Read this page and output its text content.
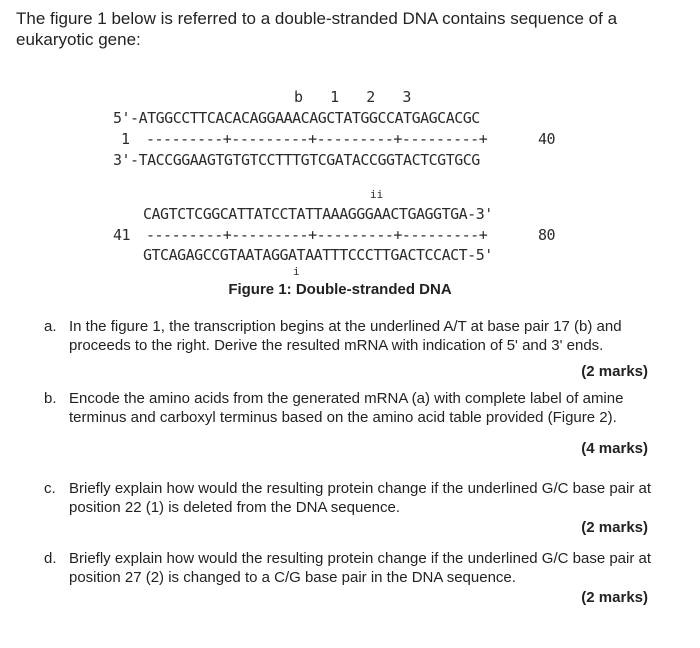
The figure 1 below is referred to a double-stranded DNA contains sequence of a eukaryotic gene:
b   1   2   3
5'-ATGGCCTTCACACAGGAAACAGCTATGGCCATGAGCACGC
1 ---------+---------+---------+---------+	40
3'-TACCGGAAGTGTGTCCTTTGTCGATACCGGTACTCGTGCG
ii
CAGTCTCGGCATTATCCTATTAAAGGGAACTGAGGTGA-3'
41 ---------+---------+---------+---------+	80
GTCAGAGCCGTAATAGGATAATTTCCCTTGACTCCACT-5'
i
Figure 1: Double-stranded DNA
a. In the figure 1, the transcription begins at the underlined A/T at base pair 17 (b) and proceeds to the right. Derive the resulted mRNA with indication of 5' and 3' ends.
(2 marks)
b. Encode the amino acids from the generated mRNA (a) with complete label of amine terminus and carboxyl terminus based on the amino acid table provided (Figure 2).
(4 marks)
c. Briefly explain how would the resulting protein change if the underlined G/C base pair at position 22 (1) is deleted from the DNA sequence.
(2 marks)
d. Briefly explain how would the resulting protein change if the underlined G/C base pair at position 27 (2) is changed to a C/G base pair in the DNA sequence.
(2 marks)
